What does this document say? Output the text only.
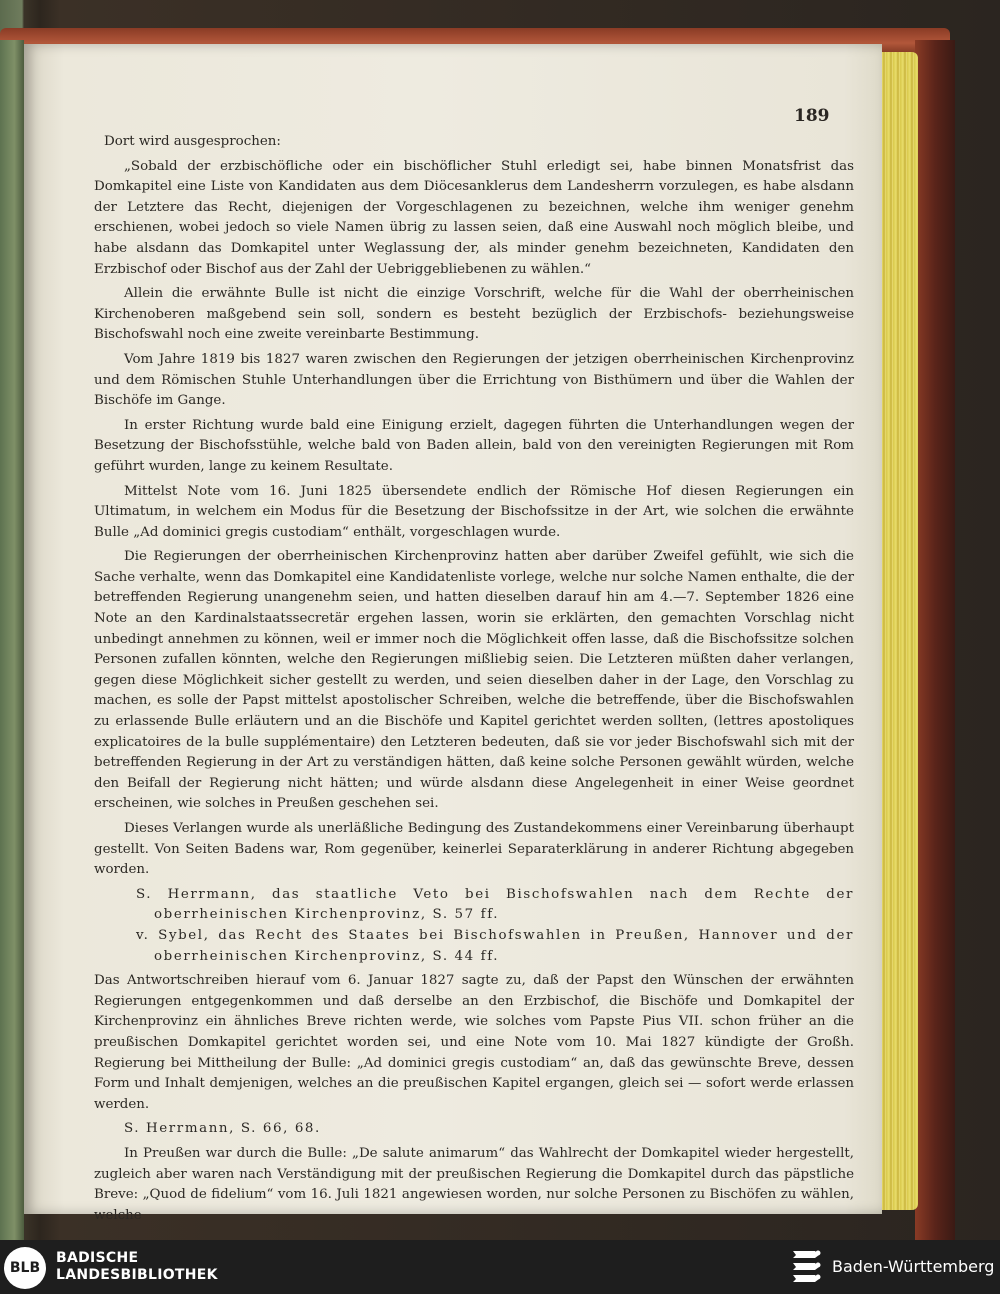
189

Dort wird ausgesprochen:

„Sobald der erzbischöfliche oder ein bischöflicher Stuhl erledigt sei, habe binnen Monatsfrist das Domkapitel eine Liste von Kandidaten aus dem Diöcesanklerus dem Landesherrn vorzulegen, es habe alsdann der Letztere das Recht, diejenigen der Vorgeschlagenen zu bezeichnen, welche ihm weniger genehm erschienen, wobei jedoch so viele Namen übrig zu lassen seien, daß eine Auswahl noch möglich bleibe, und habe alsdann das Domkapitel unter Weglassung der, als minder genehm bezeichneten, Kandidaten den Erzbischof oder Bischof aus der Zahl der Uebriggebliebenen zu wählen.“

Allein die erwähnte Bulle ist nicht die einzige Vorschrift, welche für die Wahl der oberrheinischen Kirchenoberen maßgebend sein soll, sondern es besteht bezüglich der Erzbischofs- beziehungsweise Bischofswahl noch eine zweite vereinbarte Bestimmung.

Vom Jahre 1819 bis 1827 waren zwischen den Regierungen der jetzigen oberrheinischen Kirchenprovinz und dem Römischen Stuhle Unterhandlungen über die Errichtung von Bisthümern und über die Wahlen der Bischöfe im Gange.

In erster Richtung wurde bald eine Einigung erzielt, dagegen führten die Unterhandlungen wegen der Besetzung der Bischofsstühle, welche bald von Baden allein, bald von den vereinigten Regierungen mit Rom geführt wurden, lange zu keinem Resultate.

Mittelst Note vom 16. Juni 1825 übersendete endlich der Römische Hof diesen Regierungen ein Ultimatum, in welchem ein Modus für die Besetzung der Bischofssitze in der Art, wie solchen die erwähnte Bulle „Ad dominici gregis custodiam“ enthält, vorgeschlagen wurde.

Die Regierungen der oberrheinischen Kirchenprovinz hatten aber darüber Zweifel gefühlt, wie sich die Sache verhalte, wenn das Domkapitel eine Kandidatenliste vorlege, welche nur solche Namen enthalte, die der betreffenden Regierung unangenehm seien, und hatten dieselben darauf hin am 4.—7. September 1826 eine Note an den Kardinalstaatssecretär ergehen lassen, worin sie erklärten, den gemachten Vorschlag nicht unbedingt annehmen zu können, weil er immer noch die Möglichkeit offen lasse, daß die Bischofssitze solchen Personen zufallen könnten, welche den Regierungen mißliebig seien. Die Letzteren müßten daher verlangen, gegen diese Möglichkeit sicher gestellt zu werden, und seien dieselben daher in der Lage, den Vorschlag zu machen, es solle der Papst mittelst apostolischer Schreiben, welche die betreffende, über die Bischofswahlen zu erlassende Bulle erläutern und an die Bischöfe und Kapitel gerichtet werden sollten, (lettres apostoliques explicatoires de la bulle supplémentaire) den Letzteren bedeuten, daß sie vor jeder Bischofswahl sich mit der betreffenden Regierung in der Art zu verständigen hätten, daß keine solche Personen gewählt würden, welche den Beifall der Regierung nicht hätten; und würde alsdann diese Angelegenheit in einer Weise geordnet erscheinen, wie solches in Preußen geschehen sei.

Dieses Verlangen wurde als unerläßliche Bedingung des Zustandekommens einer Vereinbarung überhaupt gestellt. Von Seiten Badens war, Rom gegenüber, keinerlei Separaterklärung in anderer Richtung abgegeben worden.

S. Herrmann, das staatliche Veto bei Bischofswahlen nach dem Rechte der oberrheinischen Kirchenprovinz, S. 57 ff.

v. Sybel, das Recht des Staates bei Bischofswahlen in Preußen, Hannover und der oberrheinischen Kirchenprovinz, S. 44 ff.

Das Antwortschreiben hierauf vom 6. Januar 1827 sagte zu, daß der Papst den Wünschen der erwähnten Regierungen entgegenkommen und daß derselbe an den Erzbischof, die Bischöfe und Domkapitel der Kirchenprovinz ein ähnliches Breve richten werde, wie solches vom Papste Pius VII. schon früher an die preußischen Domkapitel gerichtet worden sei, und eine Note vom 10. Mai 1827 kündigte der Großh. Regierung bei Mittheilung der Bulle: „Ad dominici gregis custodiam“ an, daß das gewünschte Breve, dessen Form und Inhalt demjenigen, welches an die preußischen Kapitel ergangen, gleich sei — sofort werde erlassen werden.

S. Herrmann, S. 66, 68.

In Preußen war durch die Bulle: „De salute animarum“ das Wahlrecht der Domkapitel wieder hergestellt, zugleich aber waren nach Verständigung mit der preußischen Regierung die Domkapitel durch das päpstliche Breve: „Quod de fidelium“ vom 16. Juli 1821 angewiesen worden, nur solche Personen zu Bischöfen zu wählen, welche

BLB
BADISCHE
LANDESBIBLIOTHEK	Baden-Württemberg
